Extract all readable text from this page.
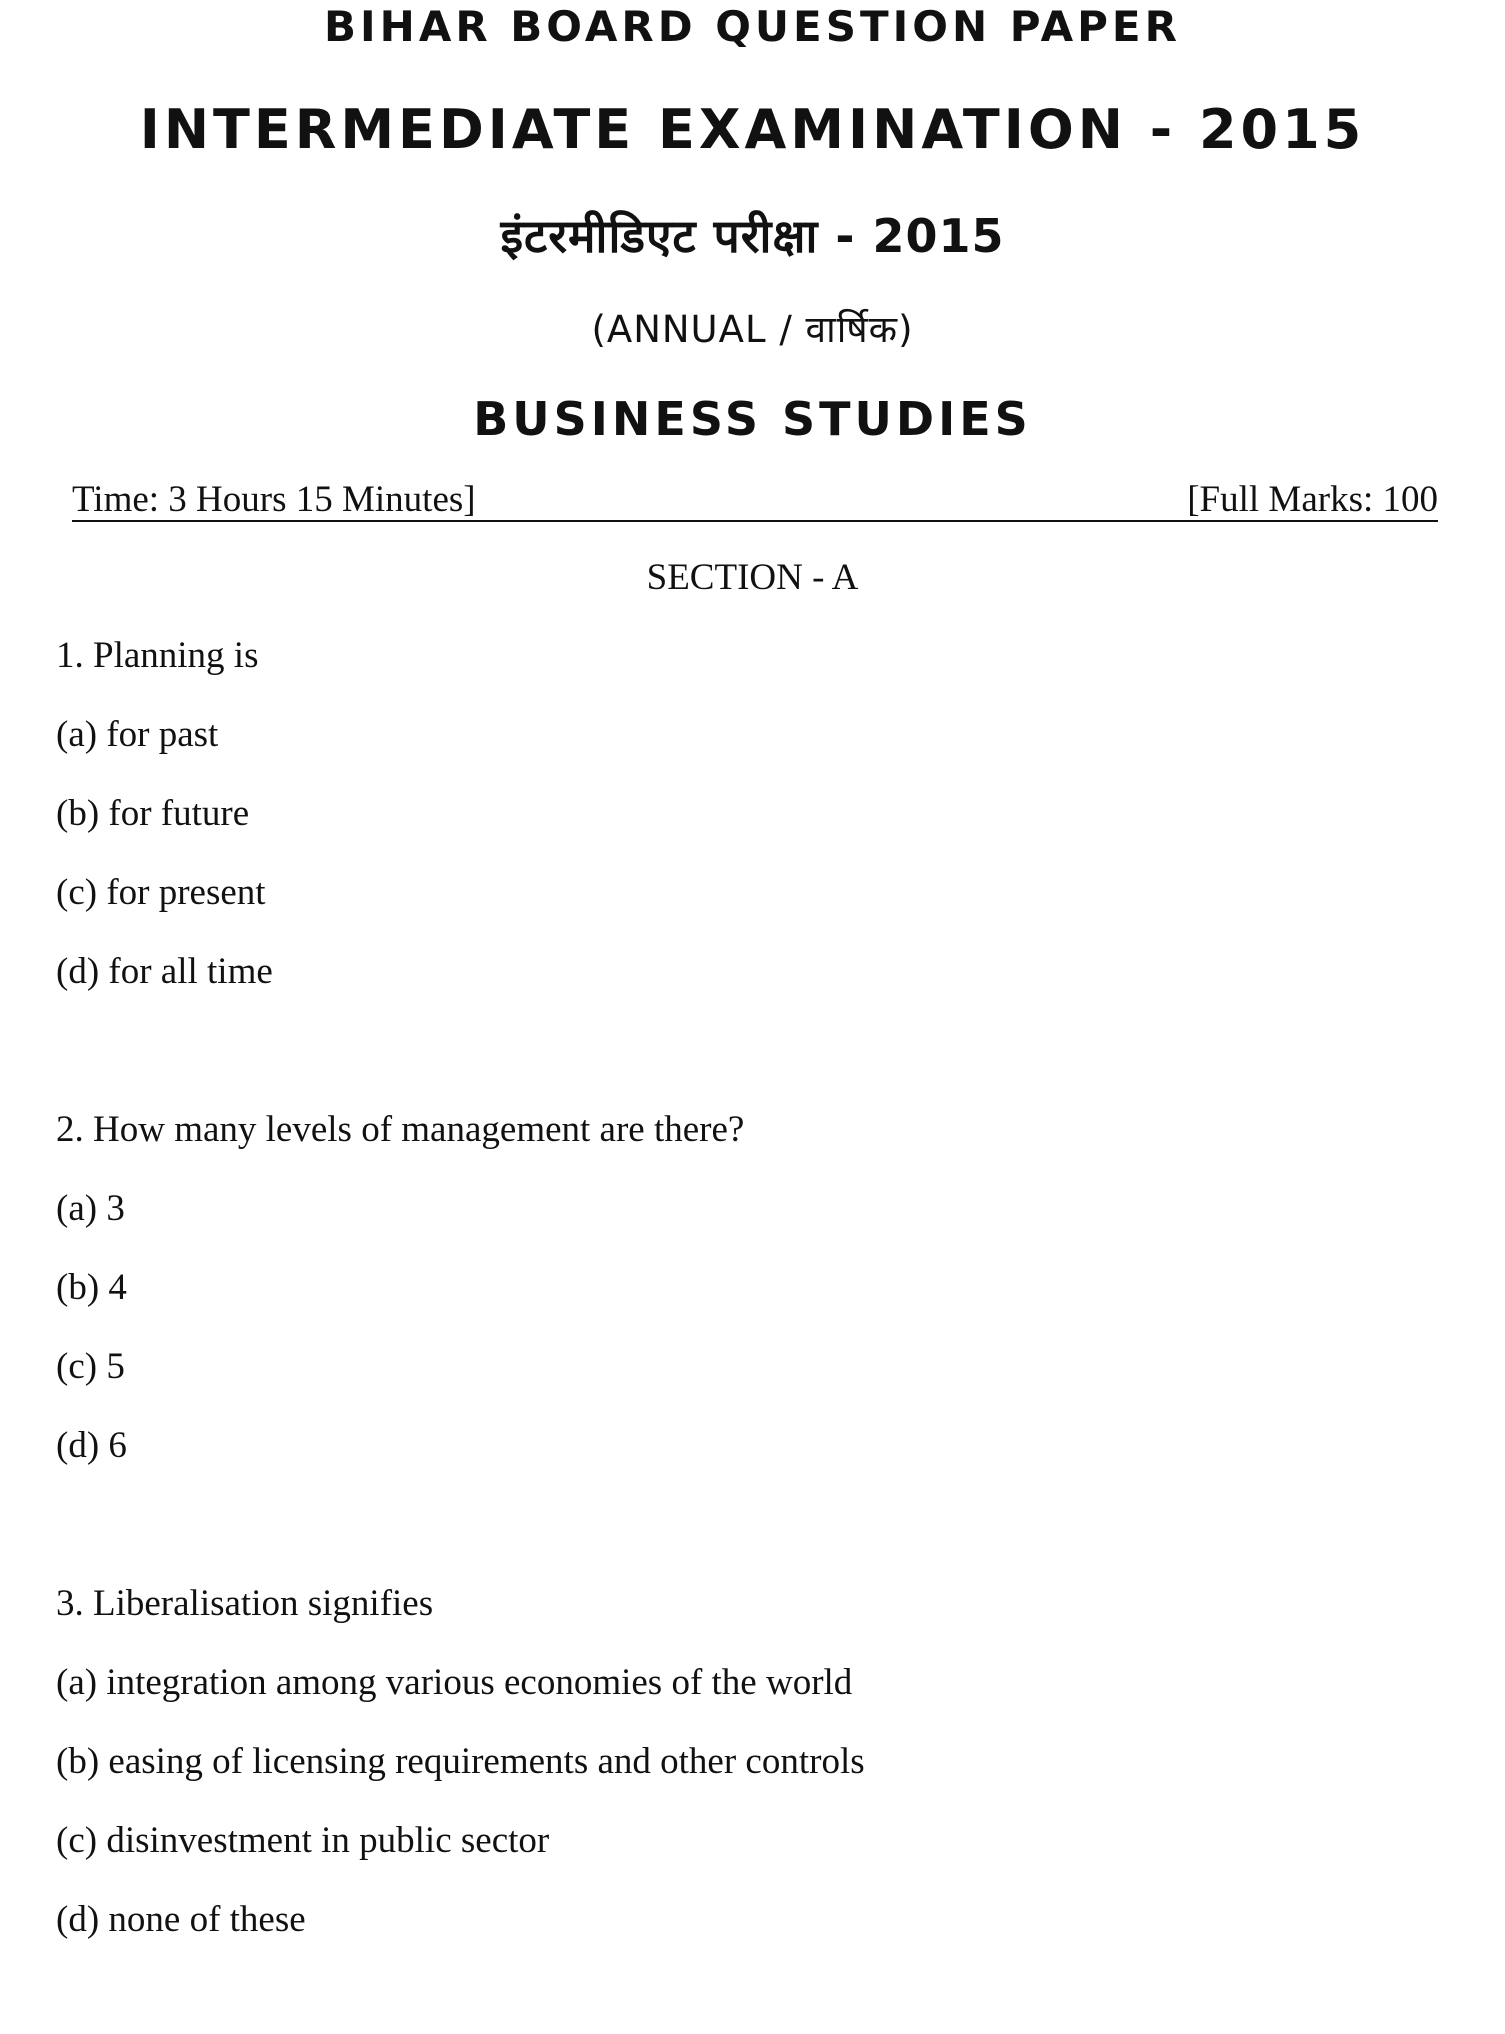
BIHAR BOARD QUESTION PAPER
INTERMEDIATE EXAMINATION - 2015
इंटरमीडिएट परीक्षा - 2015
(ANNUAL / वार्षिक)
BUSINESS STUDIES
Time: 3 Hours 15 Minutes]	[Full Marks: 100
SECTION - A
1. Planning is
(a) for past
(b) for future
(c) for present
(d) for all time
2. How many levels of management are there?
(a) 3
(b) 4
(c) 5
(d) 6
3. Liberalisation signifies
(a) integration among various economies of the world
(b) easing of licensing requirements and other controls
(c) disinvestment in public sector
(d) none of these
